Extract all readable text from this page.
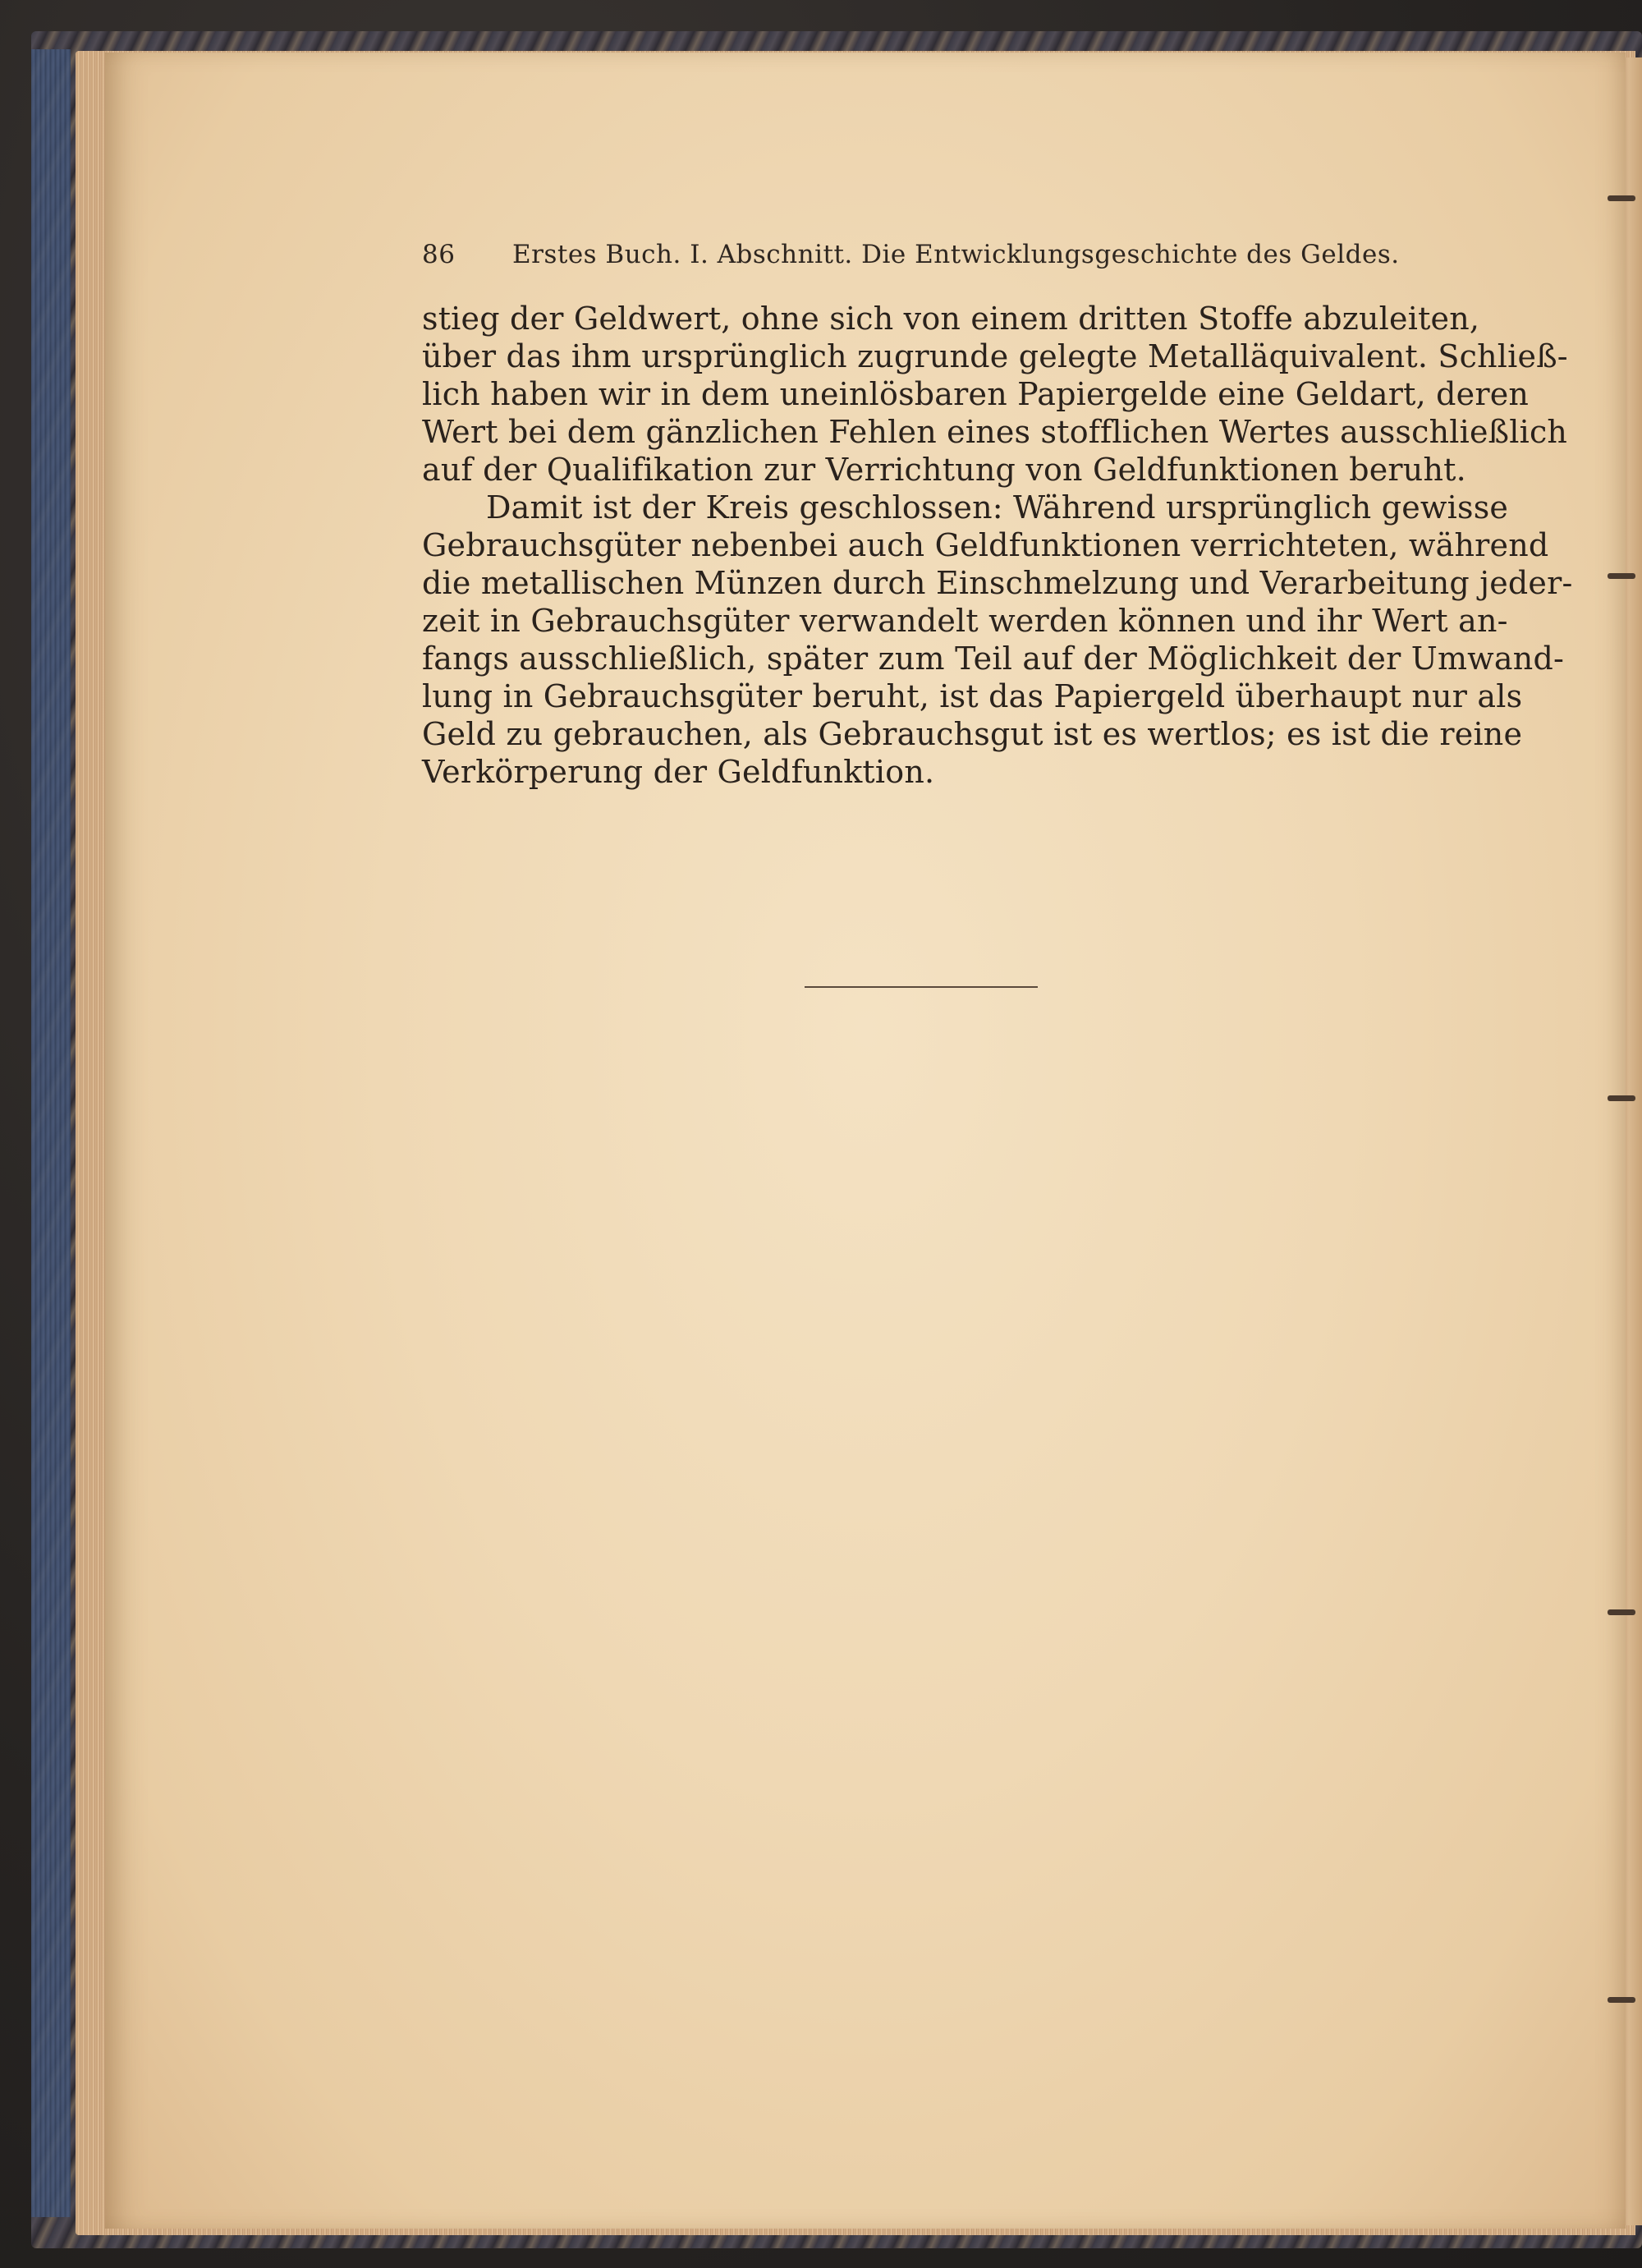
86 Erstes Buch. I. Abschnitt. Die Entwicklungsgeschichte des Geldes.
stieg der Geldwert, ohne sich von einem dritten Stoffe abzuleiten,
über das ihm ursprünglich zugrunde gelegte Metalläquivalent. Schließ-
lich haben wir in dem uneinlösbaren Papiergelde eine Geldart, deren
Wert bei dem gänzlichen Fehlen eines stofflichen Wertes ausschließlich
auf der Qualifikation zur Verrichtung von Geldfunktionen beruht.
Damit ist der Kreis geschlossen: Während ursprünglich gewisse
Gebrauchsgüter nebenbei auch Geldfunktionen verrichteten, während
die metallischen Münzen durch Einschmelzung und Verarbeitung jeder-
zeit in Gebrauchsgüter verwandelt werden können und ihr Wert an-
fangs ausschließlich, später zum Teil auf der Möglichkeit der Umwand-
lung in Gebrauchsgüter beruht, ist das Papiergeld überhaupt nur als
Geld zu gebrauchen, als Gebrauchsgut ist es wertlos; es ist die reine
Verkörperung der Geldfunktion.
